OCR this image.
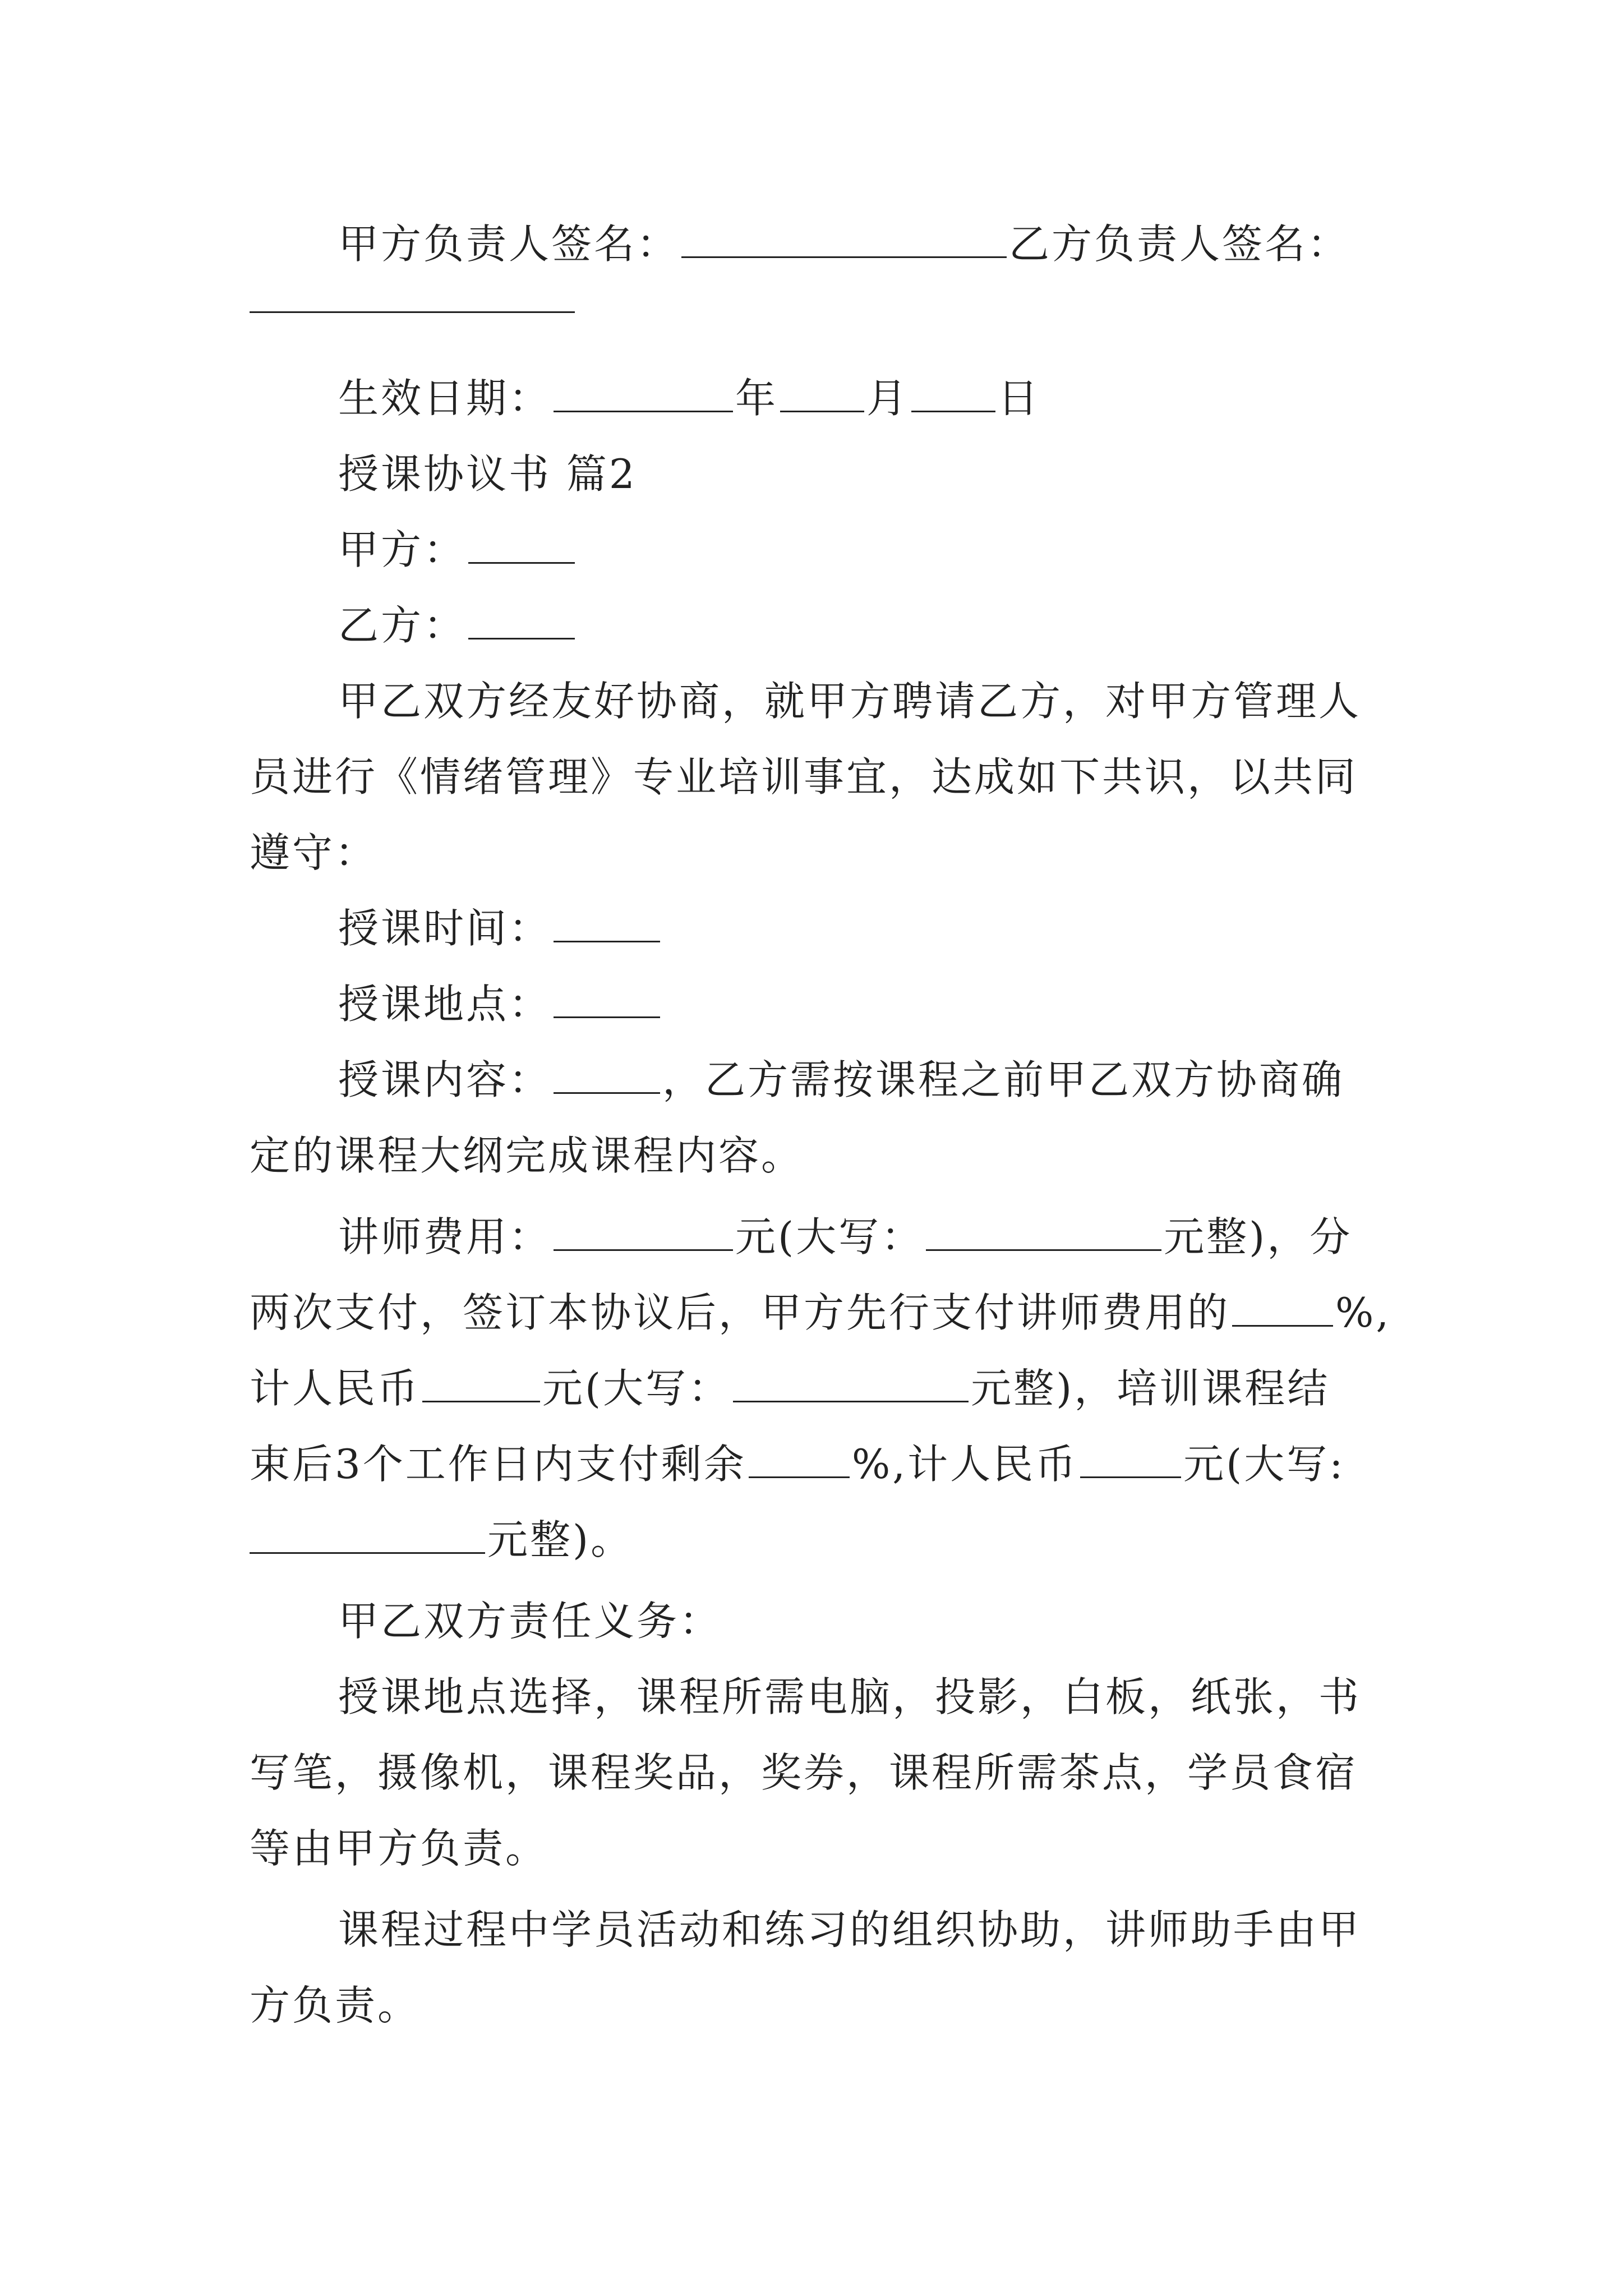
甲方负责人签名：	乙方负责人签名：
生效日期：	年 月 日
授课协议书 篇2
甲方：
乙方：
甲乙双方经友好协商，就甲方聘请乙方，对甲方管理人
员进行《情绪管理》专业培训事宜，达成如下共识，以共同
遵守：
授课时间：
授课地点：
授课内容：	，乙方需按课程之前甲乙双方协商确
定的课程大纲完成课程内容。
讲师费用：	元(大写：	元整)，分
两次支付，签订本协议后，甲方先行支付讲师费用的	%,
计人民币	元(大写：	元整)，培训课程结
束后3个工作日内支付剩余	%,计人民币	元(大写:
元整)。
甲乙双方责任义务：
授课地点选择，课程所需电脑，投影，白板，纸张，书
写笔，摄像机，课程奖品，奖券，课程所需茶点，学员食宿
等由甲方负责。
课程过程中学员活动和练习的组织协助，讲师助手由甲
方负责。
